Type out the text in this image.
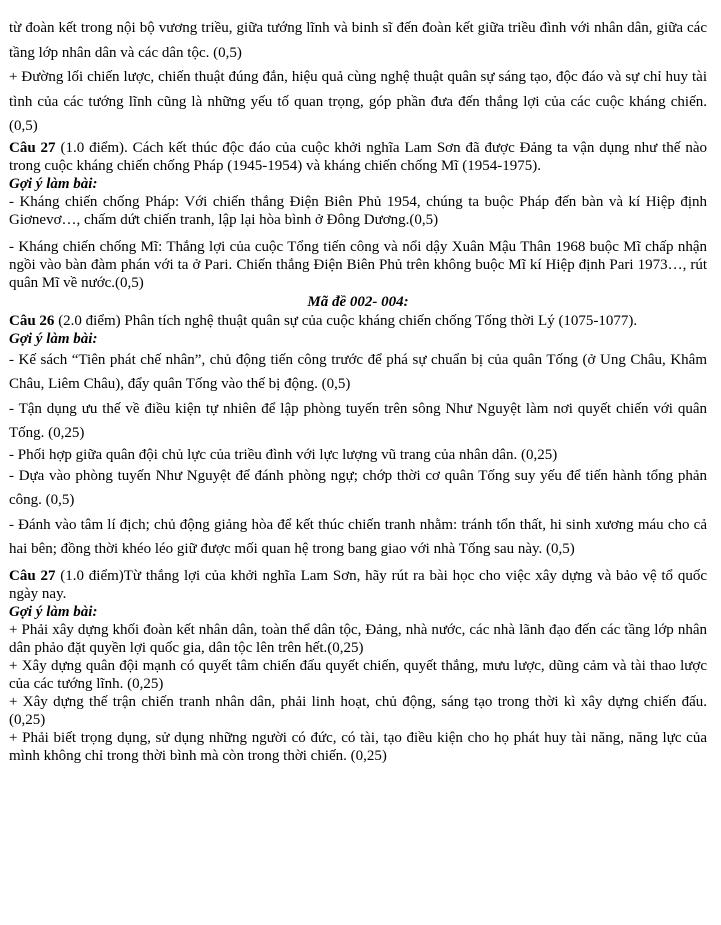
từ đoàn kết trong nội bộ vương triều, giữa tướng lĩnh và binh sĩ đến đoàn kết giữa triều đình với nhân dân, giữa các tầng lớp nhân dân và các dân tộc. (0,5)

+ Đường lối chiến lược, chiến thuật đúng đắn, hiệu quả cùng nghệ thuật quân sự sáng tạo, độc đáo và sự chỉ huy tài tình của các tướng lĩnh cũng là những yếu tố quan trọng, góp phần đưa đến thắng lợi của các cuộc kháng chiến. (0,5)

Câu 27 (1.0 điểm). Cách kết thúc độc đáo của cuộc khởi nghĩa Lam Sơn đã được Đảng ta vận dụng như thế nào trong cuộc kháng chiến chống Pháp (1945-1954) và kháng chiến chống Mĩ (1954-1975).

Gợi ý làm bài:

- Kháng chiến chống Pháp: Với chiến thắng Điện Biên Phủ 1954, chúng ta buộc Pháp đến bàn và kí Hiệp định Giơnevơ…, chấm dứt chiến tranh, lập lại hòa bình ở Đông Dương.(0,5)

- Kháng chiến chống Mĩ: Thắng lợi của cuộc Tổng tiến công và nổi dậy Xuân Mậu Thân 1968 buộc Mĩ chấp nhận ngồi vào bàn đàm phán với ta ở Pari. Chiến thắng Điện Biên Phủ trên không buộc Mĩ kí Hiệp định Pari 1973…, rút quân Mĩ về nước.(0,5)

Mã đề 002- 004:

Câu 26 (2.0 điểm) Phân tích nghệ thuật quân sự của cuộc kháng chiến chống Tống thời Lý (1075-1077).

Gợi ý làm bài:

- Kế sách “Tiên phát chế nhân”, chủ động tiến công trước để phá sự chuẩn bị của quân Tống (ở Ung Châu, Khâm Châu, Liêm Châu), đẩy quân Tống vào thế bị động. (0,5)

- Tận dụng ưu thế về điều kiện tự nhiên để lập phòng tuyến trên sông Như Nguyệt làm nơi quyết chiến với quân Tống. (0,25)

- Phối hợp giữa quân đội chủ lực của triều đình với lực lượng vũ trang của nhân dân. (0,25)

- Dựa vào phòng tuyến Như Nguyệt để đánh phòng ngự; chớp thời cơ quân Tống suy yếu để tiến hành tổng phản công. (0,5)

- Đánh vào tâm lí địch; chủ động giảng hòa để kết thúc chiến tranh nhằm: tránh tổn thất, hi sinh xương máu cho cả hai bên; đồng thời khéo léo giữ được mối quan hệ trong bang giao với nhà Tống sau này. (0,5)

Câu 27 (1.0 điểm)Từ thắng lợi của khởi nghĩa Lam Sơn, hãy rút ra bài học cho việc xây dựng và bảo vệ tổ quốc ngày nay.

Gợi ý làm bài:

+ Phải xây dựng khối đoàn kết nhân dân, toàn thể dân tộc, Đảng, nhà nước, các nhà lãnh đạo đến các tầng lớp nhân dân phảo đặt quyền lợi quốc gia, dân tộc lên trên hết.(0,25)

+ Xây dựng quân đội mạnh có quyết tâm chiến đấu quyết chiến, quyết thắng, mưu lược, dũng cảm và tài thao lược của các tướng lĩnh. (0,25)

+ Xây dựng thế trận chiến tranh nhân dân, phải linh hoạt, chủ động, sáng tạo trong thời kì xây dựng chiến đấu. (0,25)

+ Phải biết trọng dụng, sử dụng những người có đức, có tài, tạo điều kiện cho họ phát huy tài năng, năng lực của mình không chỉ trong thời bình mà còn trong thời chiến. (0,25)
